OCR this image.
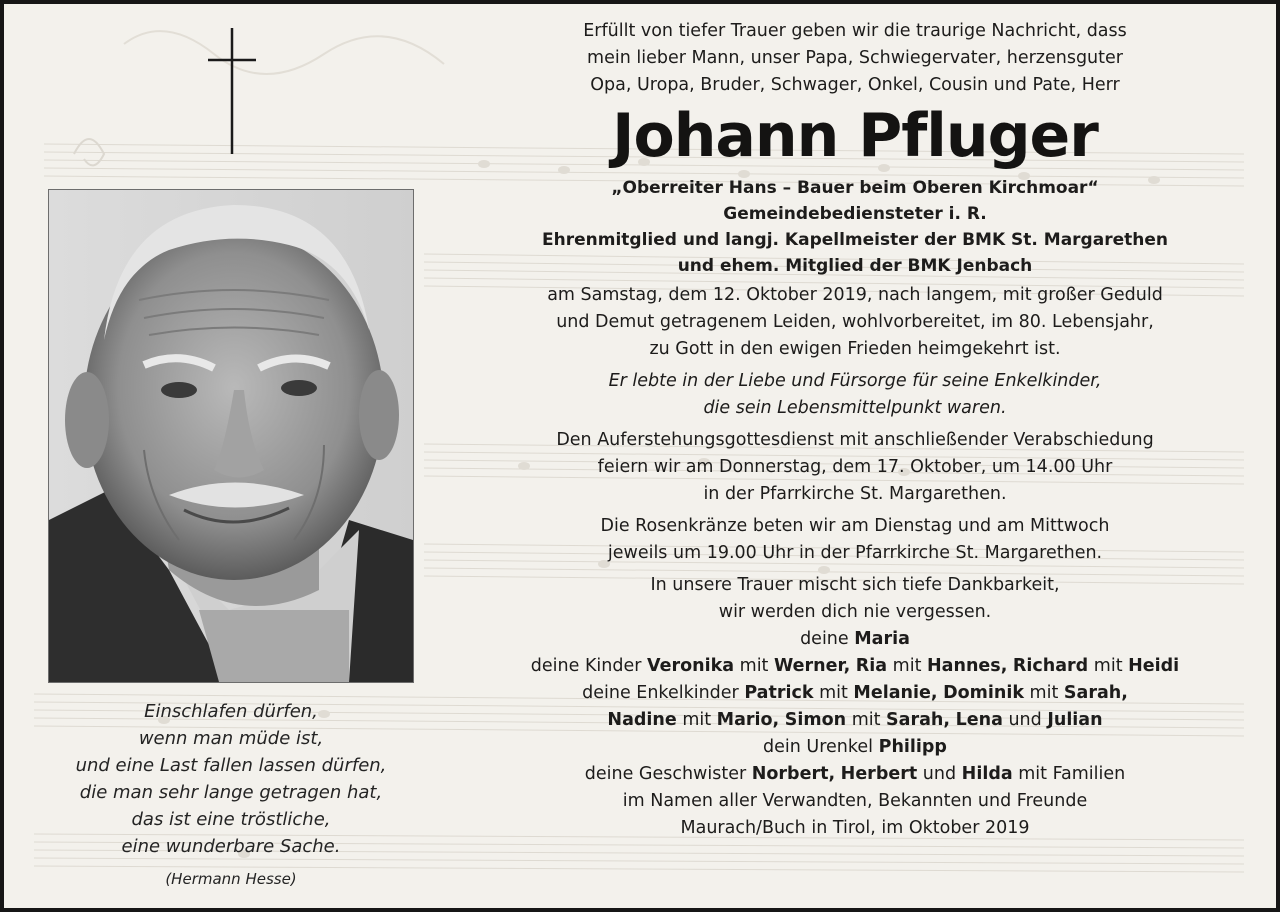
Einschlafen dürfen,
wenn man müde ist,
und eine Last fallen lassen dürfen,
die man sehr lange getragen hat,
das ist eine tröstliche,
eine wunderbare Sache.
(Hermann Hesse)
Erfüllt von tiefer Trauer geben wir die traurige Nachricht, dass
mein lieber Mann, unser Papa, Schwiegervater, herzensguter
Opa, Uropa, Bruder, Schwager, Onkel, Cousin und Pate, Herr
Johann Pfluger
„Oberreiter Hans – Bauer beim Oberen Kirchmoar“
Gemeindebediensteter i. R.
Ehrenmitglied und langj. Kapellmeister der BMK St. Margarethen
und ehem. Mitglied der BMK Jenbach
am Samstag, dem 12. Oktober 2019, nach langem, mit großer Geduld
und Demut getragenem Leiden, wohlvorbereitet, im 80. Lebensjahr,
zu Gott in den ewigen Frieden heimgekehrt ist.
Er lebte in der Liebe und Fürsorge für seine Enkelkinder,
die sein Lebensmittelpunkt waren.
Den Auferstehungsgottesdienst mit anschließender Verabschiedung
feiern wir am Donnerstag, dem 17. Oktober, um 14.00 Uhr
in der Pfarrkirche St. Margarethen.
Die Rosenkränze beten wir am Dienstag und am Mittwoch
jeweils um 19.00 Uhr in der Pfarrkirche St. Margarethen.
In unsere Trauer mischt sich tiefe Dankbarkeit,
wir werden dich nie vergessen.
deine Maria
deine Kinder Veronika mit Werner, Ria mit Hannes, Richard mit Heidi
deine Enkelkinder Patrick mit Melanie, Dominik mit Sarah,
Nadine mit Mario, Simon mit Sarah, Lena und Julian
dein Urenkel Philipp
deine Geschwister Norbert, Herbert und Hilda mit Familien
im Namen aller Verwandten, Bekannten und Freunde
Maurach/Buch in Tirol, im Oktober 2019
